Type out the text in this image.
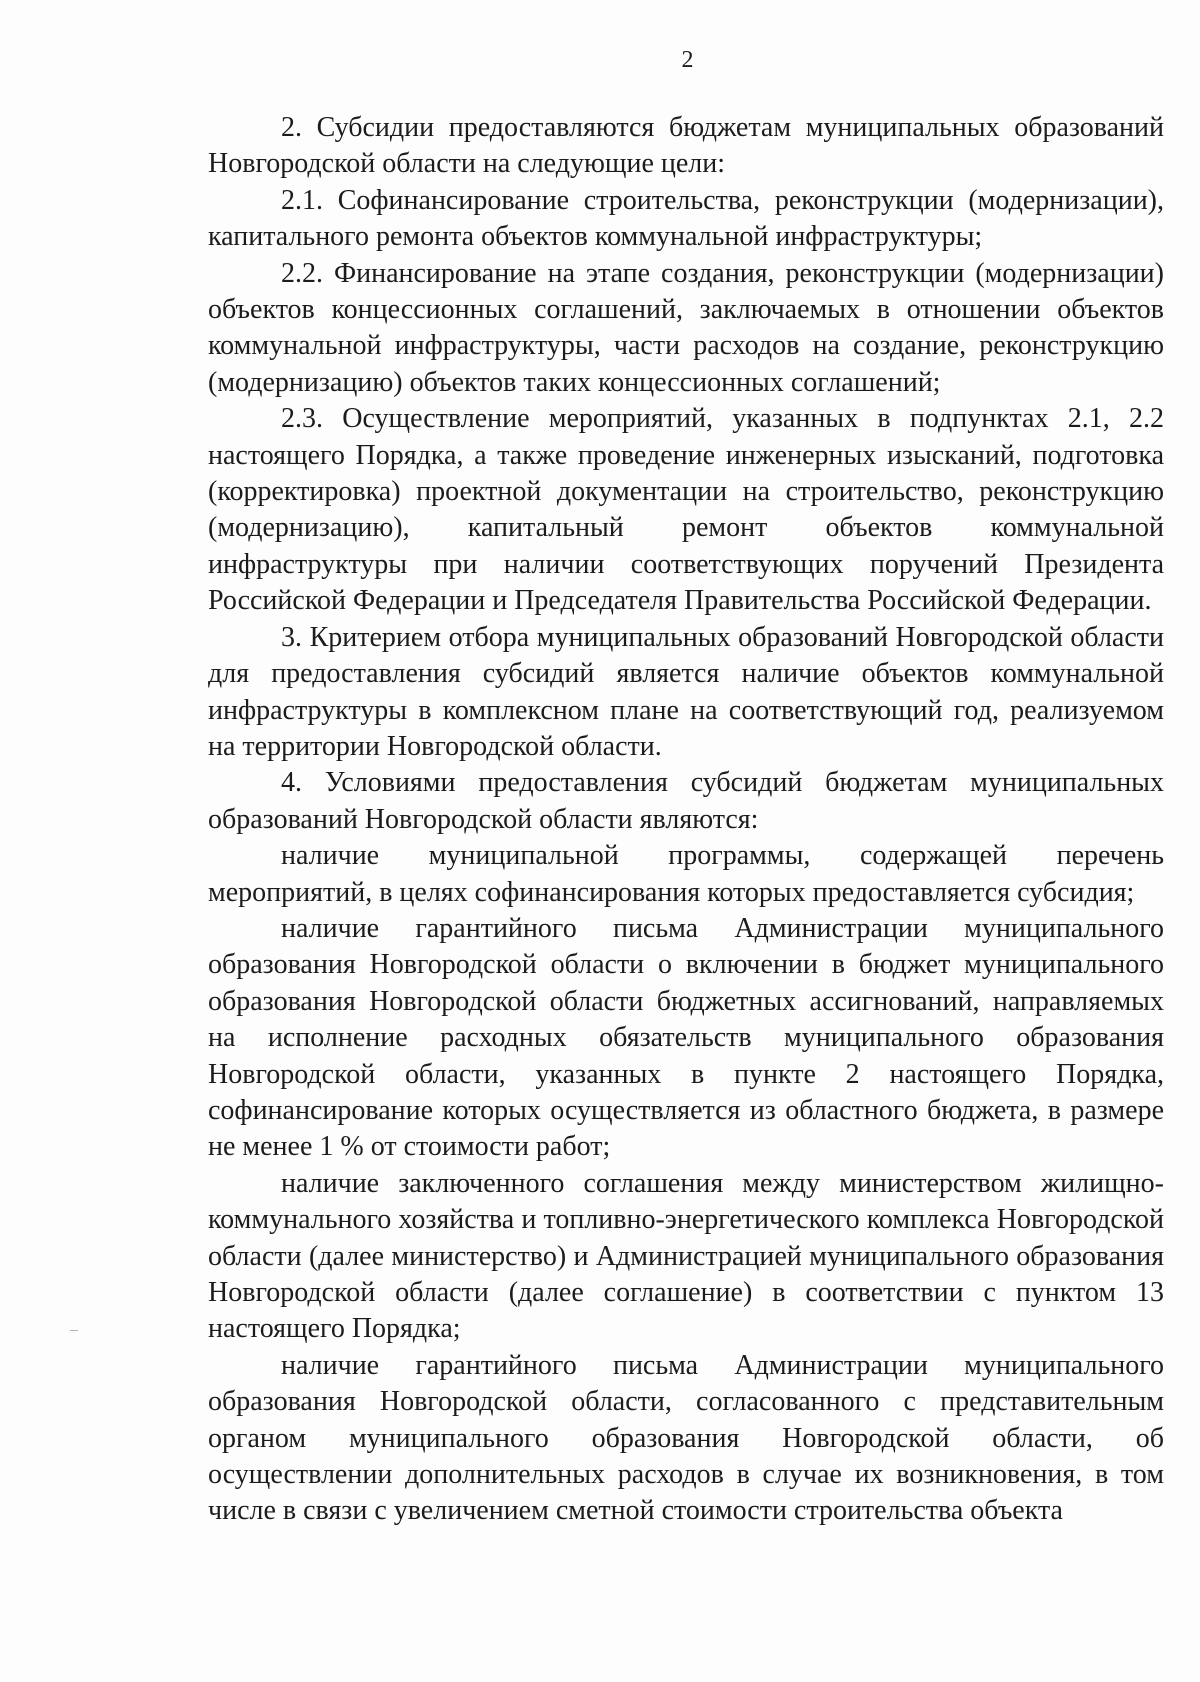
2

2. Субсидии предоставляются бюджетам муниципальных образований Новгородской области на следующие цели:

2.1. Софинансирование строительства, реконструкции (модернизации), капитального ремонта объектов коммунальной инфраструктуры;

2.2. Финансирование на этапе создания, реконструкции (модернизации) объектов концессионных соглашений, заключаемых в отношении объектов коммунальной инфраструктуры, части расходов на создание, реконструкцию (модернизацию) объектов таких концессионных соглашений;

2.3. Осуществление мероприятий, указанных в подпунктах 2.1, 2.2 настоящего Порядка, а также проведение инженерных изысканий, подготовка (корректировка) проектной документации на строительство, реконструкцию (модернизацию), капитальный ремонт объектов коммунальной инфраструктуры при наличии соответствующих поручений Президента Российской Федерации и Председателя Правительства Российской Федерации.

3. Критерием отбора муниципальных образований Новгородской области для предоставления субсидий является наличие объектов коммунальной инфраструктуры в комплексном плане на соответствующий год, реализуемом на территории Новгородской области.

4. Условиями предоставления субсидий бюджетам муниципальных образований Новгородской области являются:

наличие муниципальной программы, содержащей перечень мероприятий, в целях софинансирования которых предоставляется субсидия;

наличие гарантийного письма Администрации муниципального образования Новгородской области о включении в бюджет муниципального образования Новгородской области бюджетных ассигнований, направляемых на исполнение расходных обязательств муниципального образования Новгородской области, указанных в пункте 2 настоящего Порядка, софинансирование которых осуществляется из областного бюджета, в размере не менее 1 % от стоимости работ;

наличие заключенного соглашения между министерством жилищно-коммунального хозяйства и топливно-энергетического комплекса Новгородской области (далее министерство) и Администрацией муниципального образования Новгородской области (далее соглашение) в соответствии с пунктом 13 настоящего Порядка;

наличие гарантийного письма Администрации муниципального образования Новгородской области, согласованного с представительным органом муниципального образования Новгородской области, об осуществлении дополнительных расходов в случае их возникновения, в том числе в связи с увеличением сметной стоимости строительства объекта
